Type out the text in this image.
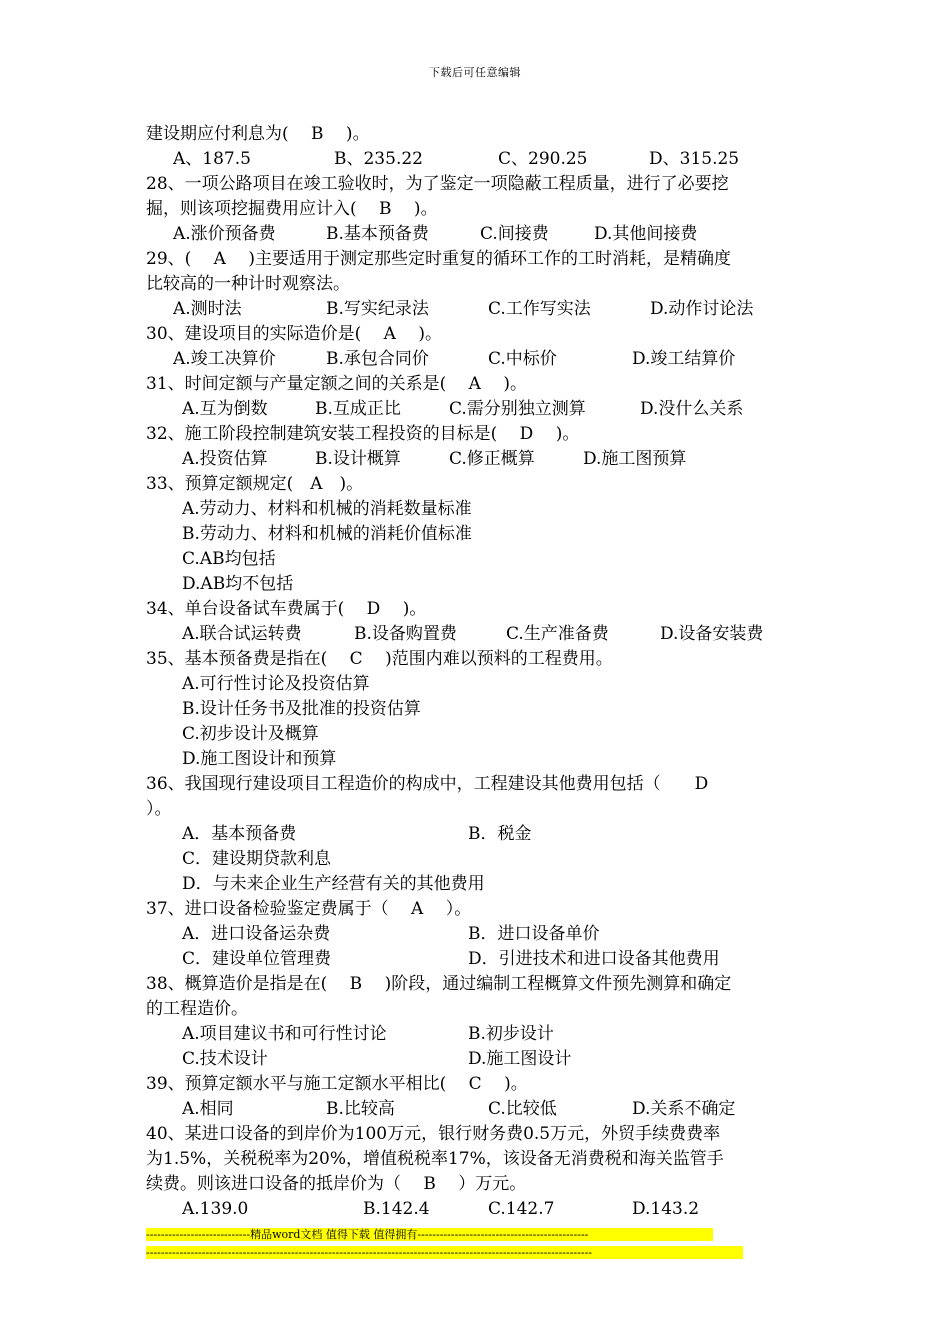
下载后可任意编辑
建设期应付利息为(　 B　 )。
A、187.5	B、235.22	C、290.25	D、315.25
28、一项公路项目在竣工验收时，为了鉴定一项隐蔽工程质量，进行了必要挖
掘，则该项挖掘费用应计入(　 B　 )。
A.涨价预备费	B.基本预备费	C.间接费	D.其他间接费
29、(　 A　 )主要适用于测定那些定时重复的循环工作的工时消耗，是精确度
比较高的一种计时观察法。
A.测时法	B.写实纪录法	C.工作写实法	D.动作讨论法
30、建设项目的实际造价是(　 A　 )。
A.竣工决算价	B.承包合同价	C.中标价	D.竣工结算价
31、时间定额与产量定额之间的关系是(　 A　 )。
A.互为倒数	B.互成正比	C.需分别独立测算	D.没什么关系
32、施工阶段控制建筑安装工程投资的目标是(　 D　 )。
A.投资估算	B.设计概算	C.修正概算	D.施工图预算
33、预算定额规定(　A　)。
A.劳动力、材料和机械的消耗数量标准
B.劳动力、材料和机械的消耗价值标准
C.AB均包括
D.AB均不包括
34、单台设备试车费属于(　 D　 )。
A.联合试运转费	B.设备购置费	C.生产准备费	D.设备安装费
35、基本预备费是指在(　 C　 )范围内难以预料的工程费用。
A.可行性讨论及投资估算
B.设计任务书及批准的投资估算
C.初步设计及概算
D.施工图设计和预算
36、我国现行建设项目工程造价的构成中，工程建设其他费用包括（　　D
）。
A．基本预备费	B．税金
C．建设期贷款利息
D．与未来企业生产经营有关的其他费用
37、进口设备检验鉴定费属于（　 A　 ）。
A．进口设备运杂费	B．进口设备单价
C．建设单位管理费	D．引进技术和进口设备其他费用
38、概算造价是指是在(　 B　 )阶段，通过编制工程概算文件预先测算和确定
的工程造价。
A.项目建议书和可行性讨论	B.初步设计
C.技术设计	D.施工图设计
39、预算定额水平与施工定额水平相比(　 C　 )。
A.相同	B.比较高	C.比较低	D.关系不确定
40、某进口设备的到岸价为100万元，银行财务费0.5万元，外贸手续费费率
为1.5%，关税税率为20%，增值税税率17%，该设备无消费税和海关监管手
续费。则该进口设备的抵岸价为（　 B　 ）万元。
A.139.0	B.142.4	C.142.7	D.143.2
----------------------------精品word文档 值得下载 值得拥有----------------------------------------------
------------------------------------------------------------------------------------------------------------------------
